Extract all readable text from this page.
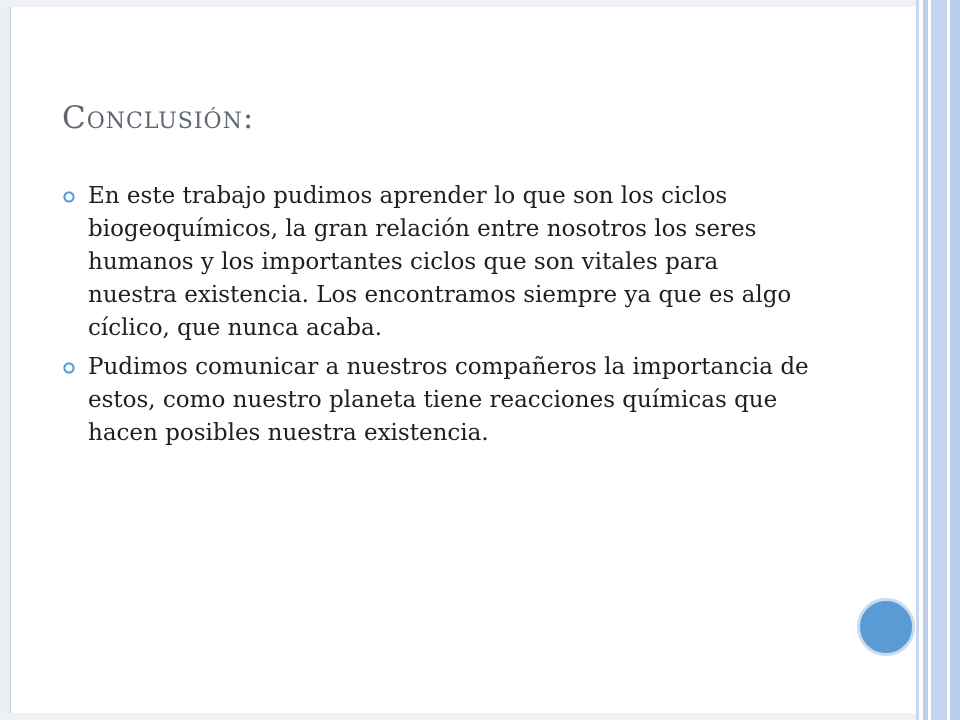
Conclusión:
En este trabajo pudimos aprender lo que son los ciclos biogeoquímicos, la gran relación entre nosotros los seres humanos y los importantes ciclos que son vitales para nuestra existencia. Los encontramos siempre ya que es algo cíclico, que nunca acaba.
Pudimos comunicar a nuestros compañeros la importancia de estos, como nuestro planeta tiene reacciones químicas que hacen posibles nuestra existencia.
